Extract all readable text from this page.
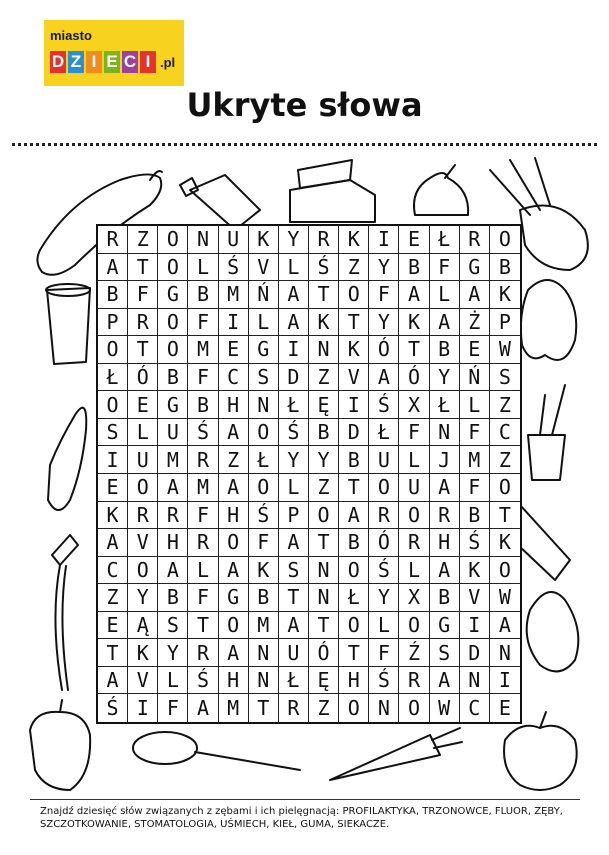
miasto
D Z I E C I .pl
Ukryte słowa
R Z O N U K Y R K I E Ł R O
A T O L Ś V L Ś Z Y B F G B
B F G B M Ń A T O F A L A K
P R O F I L A K T Y K A Ż P
O T O M E G I N K Ó T B E W
Ł Ó B F C S D Z V A Ó Y Ń S
O E G B H N Ł Ę I Ś X Ł L Z
S L U Ś A O Ś B D Ł F N F C
I U M R Z Ł Y Y B U L J M Z
E O A M A O L Z T O U A F O
K R R F H Ś P O A R O R B T
A V H R O F A T B Ó R H Ś K
C O A L A K S N O Ś L A K O
Z Y B F G B T N Ł Y X B V W
E Ą S T O M A T O L O G I A
T K Y R A N U Ó T F Ź S D N
A V L Ś H N Ł Ę H Ś R A N I
Ś I F A M T R Z O N O W C E
Znajdź dziesięć słów związanych z zębami i ich pielęgnacją: PROFILAKTYKA, TRZONOWCE, FLUOR, ZĘBY, SZCZOTKOWANIE, STOMATOLOGIA, UŚMIECH, KIEŁ, GUMA, SIEKACZE.
